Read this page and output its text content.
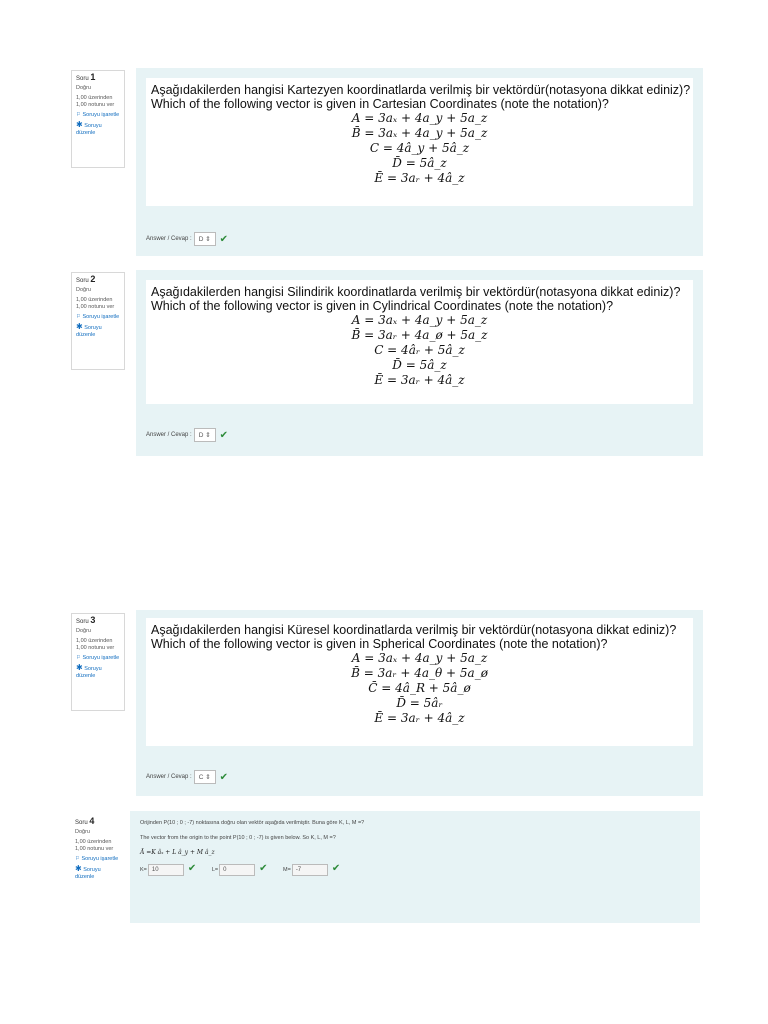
Soru 1
Doğru
1,00 üzerinden
1,00 notunu ver
⚐ Soruyu işaretle
✱ Soruyu düzenle
Aşağıdakilerden hangisi Kartezyen koordinatlarda verilmiş bir vektördür(notasyona dikkat ediniz)?
Which of the following vector is given in Cartesian Coordinates (note the notation)?
A = 3aₓ + 4a_y + 5a_z
B̄ = 3aₓ + 4a_y + 5a_z
C = 4â_y + 5â_z
D̄ = 5â_z
Ē = 3aᵣ + 4â_z
Answer / Cevap :	D ⇕ ✔
Soru 2
Doğru
1,00 üzerinden
1,00 notunu ver
⚐ Soruyu işaretle
✱ Soruyu düzenle
Aşağıdakilerden hangisi Silindirik koordinatlarda verilmiş bir vektördür(notasyona dikkat ediniz)?
Which of the following vector is given in Cylindrical Coordinates (note the notation)?
A = 3aₓ + 4a_y + 5a_z
B̄ = 3aᵣ + 4a_ø + 5a_z
C = 4âᵣ + 5â_z
D̄ = 5â_z
Ē = 3aᵣ + 4â_z
Answer / Cevap :	D ⇕ ✔
Soru 3
Doğru
1,00 üzerinden
1,00 notunu ver
⚐ Soruyu işaretle
✱ Soruyu düzenle
Aşağıdakilerden hangisi Küresel koordinatlarda verilmiş bir vektördür(notasyona dikkat ediniz)?
Which of the following vector is given in Spherical Coordinates (note the notation)?
A = 3aₓ + 4a_y + 5a_z
B̄ = 3aᵣ + 4a_θ + 5a_ø
C̄ = 4â_R + 5â_ø
D̄ = 5âᵣ
Ē = 3aᵣ + 4â_z
Answer / Cevap :	C ⇕ ✔
Soru 4
Doğru
1,00 üzerinden
1,00 notunu ver
⚐ Soruyu işaretle
✱ Soruyu düzenle
Orijinden P(10 ; 0 ; -7) noktasına doğru olan vektör aşağıda verilmiştir. Buna göre K, L, M =?
The vector from the origin to the point P(10 ; 0 ; -7) is given below. So K, L, M =?
Ā =K âₓ + L â_y + M â_z
K= 10	✔	L= 0	✔	M= -7	✔
